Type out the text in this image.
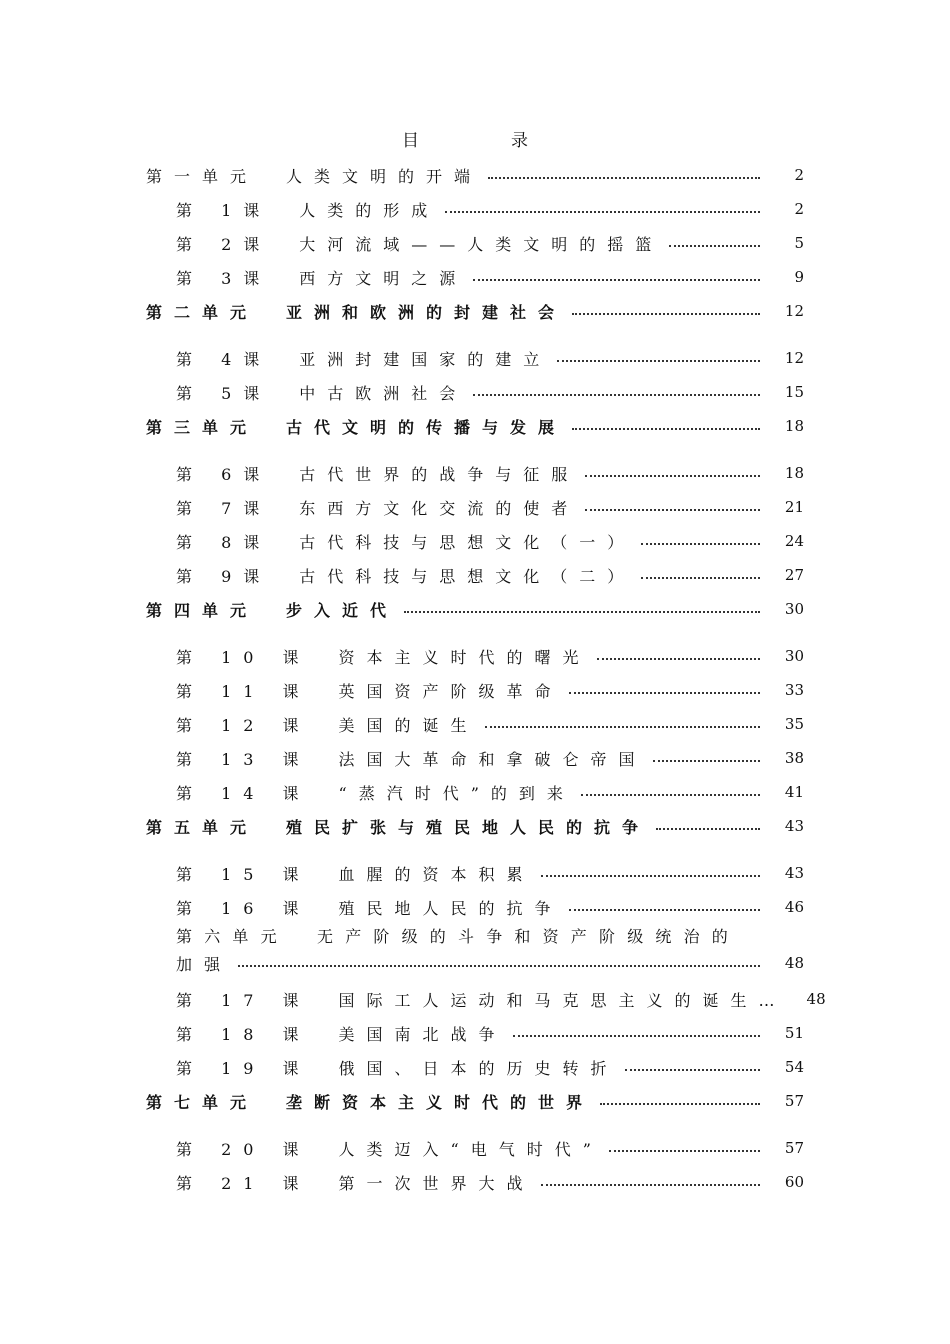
目录
第一单元　人类文明的开端	2
第 1课　人类的形成	2
第 2课　大河流域——人类文明的摇篮	5
第 3课　西方文明之源	9
第二单元　亚洲和欧洲的封建社会	12
第 4课　亚洲封建国家的建立	12
第 5课　中古欧洲社会	15
第三单元　古代文明的传播与发展	18
第 6课　古代世界的战争与征服	18
第 7课　东西方文化交流的使者	21
第 8课　古代科技与思想文化（一）	24
第 9课　古代科技与思想文化（二）	27
第四单元　步入近代	30
第 10 课　资本主义时代的曙光	30
第 11 课　英国资产阶级革命	33
第 12 课　美国的诞生	35
第 13 课　法国大革命和拿破仑帝国	38
第 14 课　“蒸汽时代”的到来	41
第五单元　殖民扩张与殖民地人民的抗争	43
第 15 课　血腥的资本积累	43
第 16 课　殖民地人民的抗争	46
第六单元　无产阶级的斗争和资产阶级统治的
加强	48
第 17 课　国际工人运动和马克思主义的诞生… 48
第 18 课　美国南北战争	51
第 19 课　俄国、日本的历史转折	54
第七单元　垄断资本主义时代的世界	57
第 20 课　人类迈入“电气时代”	57
第 21 课　第一次世界大战	60
